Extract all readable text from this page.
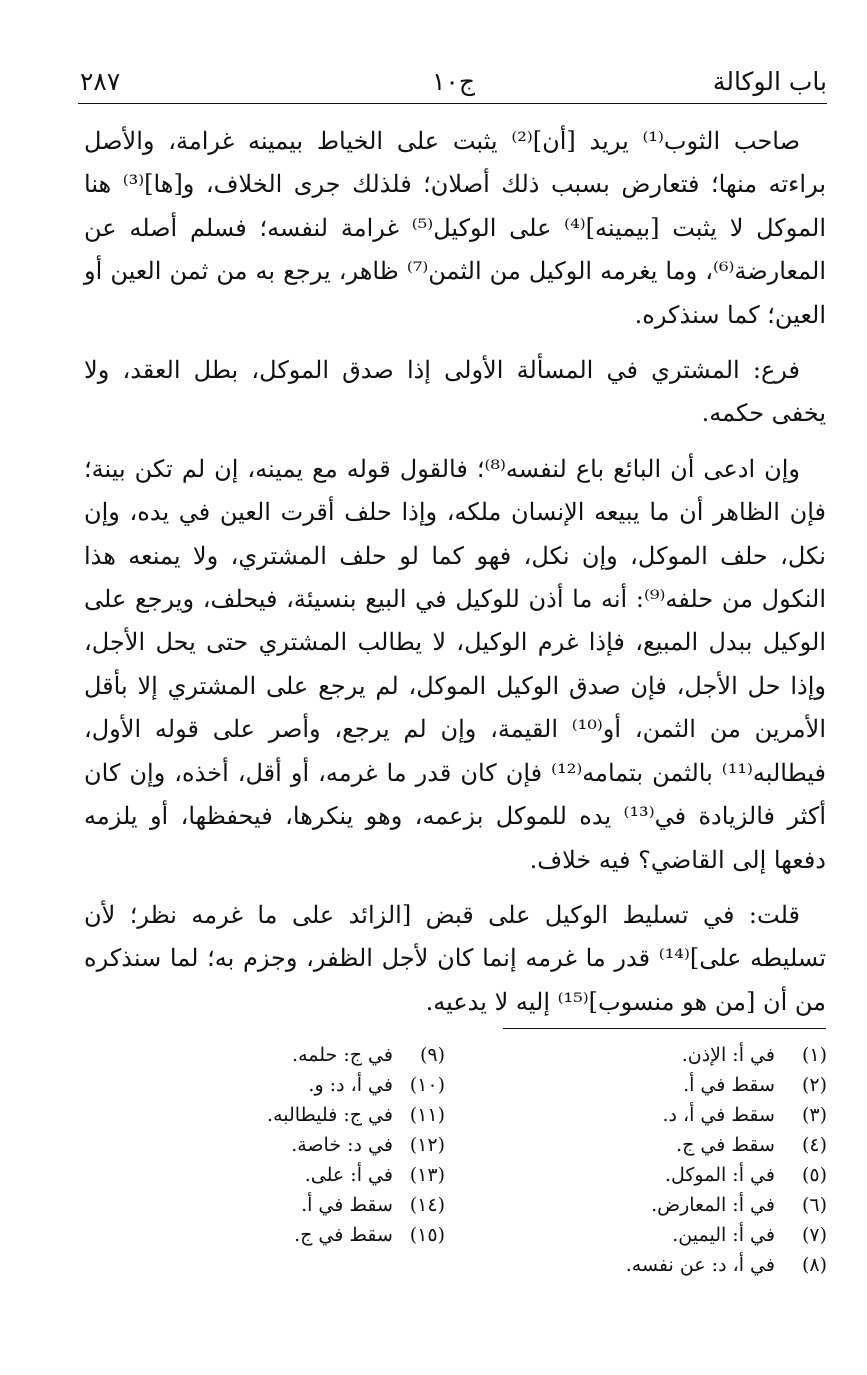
باب الوكالة
ج١٠
٢٨٧

صاحب الثوب⁽¹⁾ يريد [أن]⁽²⁾ يثبت على الخياط بيمينه غرامة، والأصل براءته منها؛ فتعارض بسبب ذلك أصلان؛ فلذلك جرى الخلاف، و[ها]⁽³⁾ هنا الموكل لا يثبت [بيمينه]⁽⁴⁾ على الوكيل⁽⁵⁾ غرامة لنفسه؛ فسلم أصله عن المعارضة⁽⁶⁾، وما يغرمه الوكيل من الثمن⁽⁷⁾ ظاهر، يرجع به من ثمن العين أو العين؛ كما سنذكره.

فرع: المشتري في المسألة الأولى إذا صدق الموكل، بطل العقد، ولا يخفى حكمه.

وإن ادعى أن البائع باع لنفسه⁽⁸⁾؛ فالقول قوله مع يمينه، إن لم تكن بينة؛ فإن الظاهر أن ما يبيعه الإنسان ملكه، وإذا حلف أقرت العين في يده، وإن نكل، حلف الموكل، وإن نكل، فهو كما لو حلف المشتري، ولا يمنعه هذا النكول من حلفه⁽⁹⁾: أنه ما أذن للوكيل في البيع بنسيئة، فيحلف، ويرجع على الوكيل ببدل المبيع، فإذا غرم الوكيل، لا يطالب المشتري حتى يحل الأجل، وإذا حل الأجل، فإن صدق الوكيل الموكل، لم يرجع على المشتري إلا بأقل الأمرين من الثمن، أو⁽¹⁰⁾ القيمة، وإن لم يرجع، وأصر على قوله الأول، فيطالبه⁽¹¹⁾ بالثمن بتمامه⁽¹²⁾ فإن كان قدر ما غرمه، أو أقل، أخذه، وإن كان أكثر فالزيادة في⁽¹³⁾ يده للموكل بزعمه، وهو ينكرها، فيحفظها، أو يلزمه دفعها إلى القاضي؟ فيه خلاف.

قلت: في تسليط الوكيل على قبض [الزائد على ما غرمه نظر؛ لأن تسليطه على]⁽¹⁴⁾ قدر ما غرمه إنما كان لأجل الظفر، وجزم به؛ لما سنذكره من أن [من هو منسوب]⁽¹⁵⁾ إليه لا يدعيه.

(١) في أ: الإذن.
(٢) سقط في أ.
(٣) سقط في أ، د.
(٤) سقط في ج.
(٥) في أ: الموكل.
(٦) في أ: المعارض.
(٧) في أ: اليمين.
(٨) في أ، د: عن نفسه.
(٩) في ج: حلمه.
(١٠) في أ، د: و.
(١١) في ج: فليطالبه.
(١٢) في د: خاصة.
(١٣) في أ: على.
(١٤) سقط في أ.
(١٥) سقط في ج.
